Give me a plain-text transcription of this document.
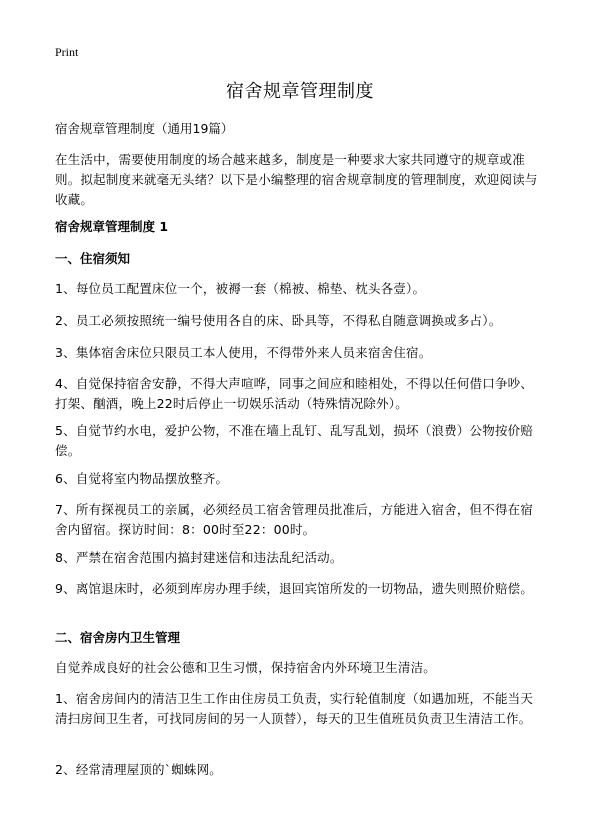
Print
宿舍规章管理制度
宿舍规章管理制度（通用19篇）
在生活中，需要使用制度的场合越来越多，制度是一种要求大家共同遵守的规章或准则。拟起制度来就毫无头绪？以下是小编整理的宿舍规章制度的管理制度，欢迎阅读与收藏。
宿舍规章管理制度 1
一、住宿须知
1、每位员工配置床位一个，被褥一套（棉被、棉垫、枕头各壹）。
2、员工必须按照统一编号使用各自的床、卧具等，不得私自随意调换或多占）。
3、集体宿舍床位只限员工本人使用，不得带外来人员来宿舍住宿。
4、自觉保持宿舍安静，不得大声喧哗，同事之间应和睦相处，不得以任何借口争吵、打架、酗酒，晚上22时后停止一切娱乐活动（特殊情况除外）。
5、自觉节约水电，爱护公物，不准在墙上乱钉、乱写乱划，损坏（浪费）公物按价赔偿。
6、自觉将室内物品摆放整齐。
7、所有探视员工的亲属，必须经员工宿舍管理员批准后，方能进入宿舍，但不得在宿舍内留宿。探访时间：8：00时至22：00时。
8、严禁在宿舍范围内搞封建迷信和违法乱纪活动。
9、离馆退床时，必须到库房办理手续，退回宾馆所发的一切物品，遗失则照价赔偿。
二、宿舍房内卫生管理
自觉养成良好的社会公德和卫生习惯，保持宿舍内外环境卫生清洁。
1、宿舍房间内的清洁卫生工作由住房员工负责，实行轮值制度（如遇加班，不能当天清扫房间卫生者，可找同房间的另一人顶替），每天的卫生值班员负责卫生清洁工作。
2、经常清理屋顶的`蜘蛛网。
